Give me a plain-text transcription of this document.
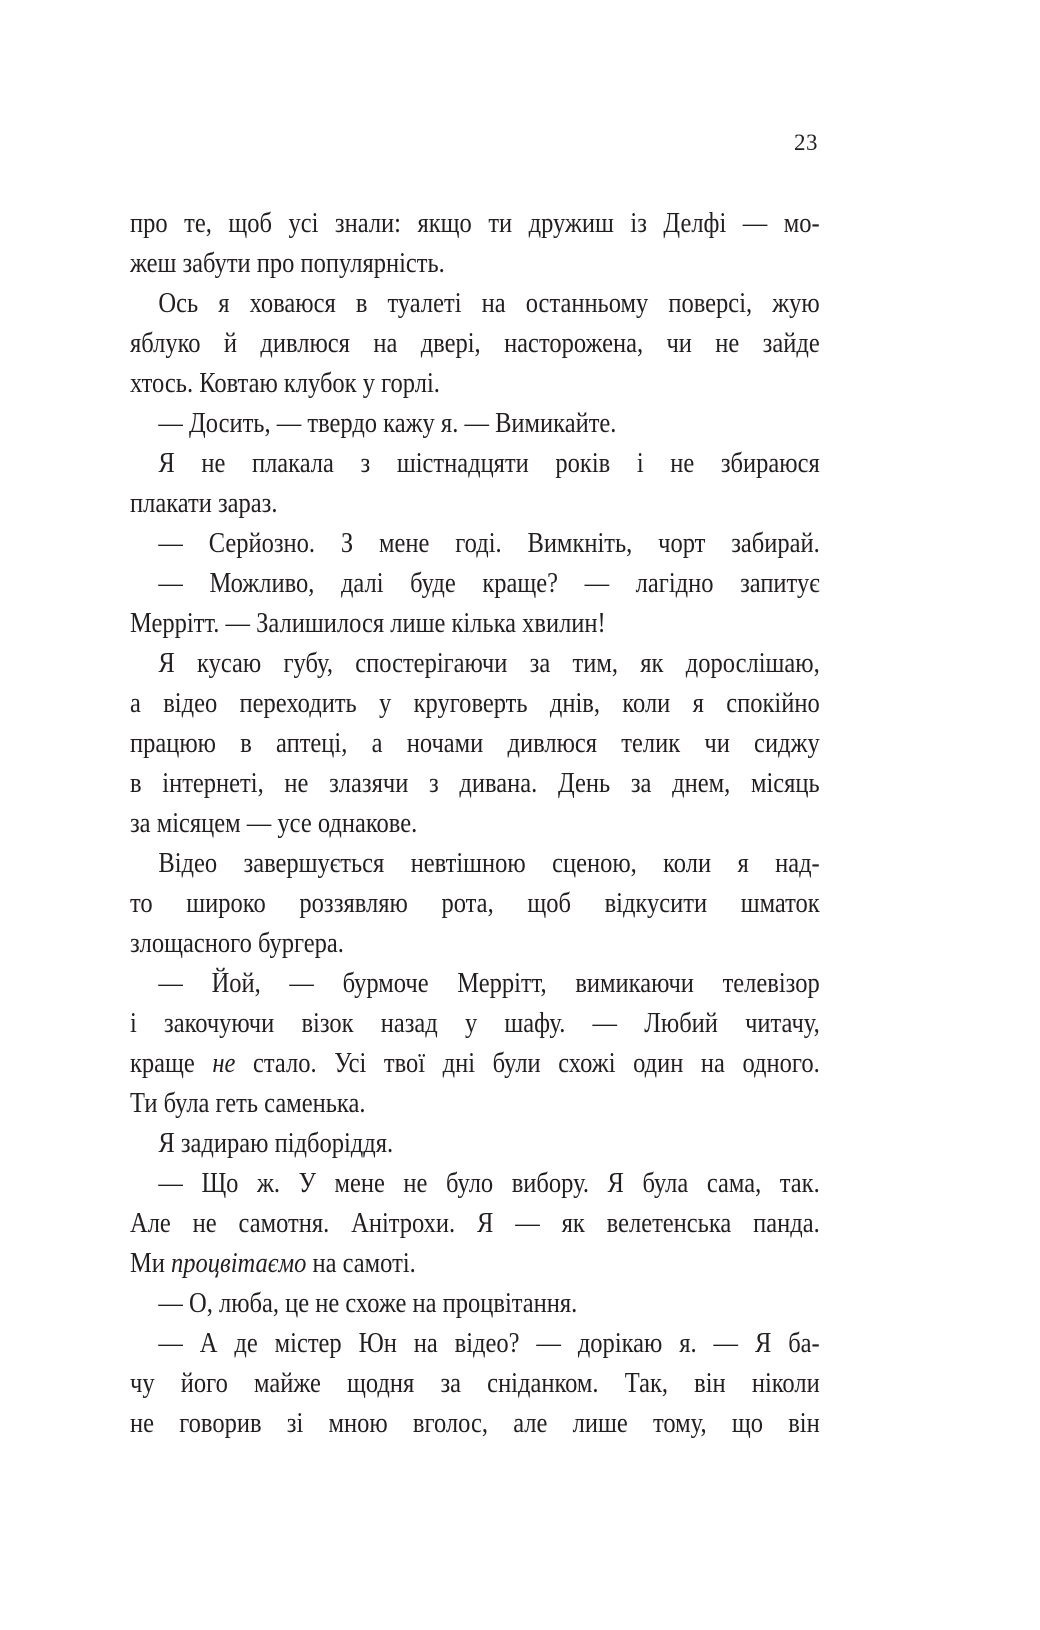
23
про те, щоб усі знали: якщо ти дружиш із Делфі — мо-
жеш забути про популярність.
Ось я ховаюся в туалеті на останньому поверсі, жую
яблуко й дивлюся на двері, насторожена, чи не зайде
хтось. Ковтаю клубок у горлі.
— Досить, — твердо кажу я. — Вимикайте.
Я не плакала з шістнадцяти років і не збираюся
плакати зараз.
— Серйозно. З мене годі. Вимкніть, чорт забирай.
— Можливо, далі буде краще? — лагідно запитує
Меррітт. — Залишилося лише кілька хвилин!
Я кусаю губу, спостерігаючи за тим, як дорослішаю,
а відео переходить у круговерть днів, коли я спокійно
працюю в аптеці, а ночами дивлюся телик чи сиджу
в інтернеті, не злазячи з дивана. День за днем, місяць
за місяцем — усе однакове.
Відео завершується невтішною сценою, коли я над-
то широко роззявляю рота, щоб відкусити шматок
злощасного бургера.
— Йой, — бурмоче Меррітт, вимикаючи телевізор
і закочуючи візок назад у шафу. — Любий читачу,
краще не стало. Усі твої дні були схожі один на одного.
Ти була геть саменька.
Я задираю підборіддя.
— Що ж. У мене не було вибору. Я була сама, так.
Але не самотня. Анітрохи. Я — як велетенська панда.
Ми процвітаємо на самоті.
— О, люба, це не схоже на процвітання.
— А де містер Юн на відео? — дорікаю я. — Я ба-
чу його майже щодня за сніданком. Так, він ніколи
не говорив зі мною вголос, але лише тому, що він
